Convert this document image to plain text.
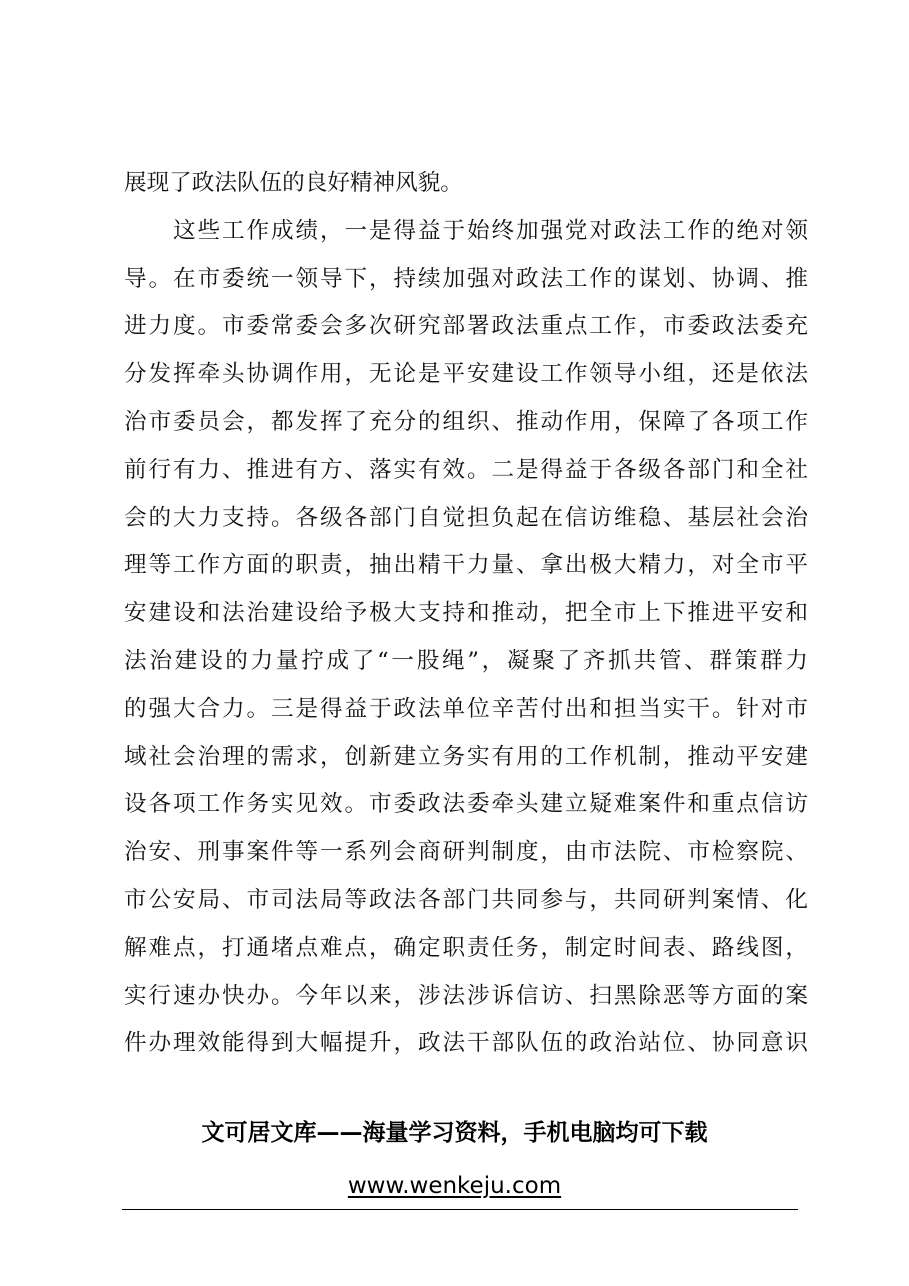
展现了政法队伍的良好精神风貌。
　　这些工作成绩，一是得益于始终加强党对政法工作的绝对领
导。在市委统一领导下，持续加强对政法工作的谋划、协调、推
进力度。市委常委会多次研究部署政法重点工作，市委政法委充
分发挥牵头协调作用，无论是平安建设工作领导小组，还是依法
治市委员会，都发挥了充分的组织、推动作用，保障了各项工作
前行有力、推进有方、落实有效。二是得益于各级各部门和全社
会的大力支持。各级各部门自觉担负起在信访维稳、基层社会治
理等工作方面的职责，抽出精干力量、拿出极大精力，对全市平
安建设和法治建设给予极大支持和推动，把全市上下推进平安和
法治建设的力量拧成了“一股绳”，凝聚了齐抓共管、群策群力
的强大合力。三是得益于政法单位辛苦付出和担当实干。针对市
域社会治理的需求，创新建立务实有用的工作机制，推动平安建
设各项工作务实见效。市委政法委牵头建立疑难案件和重点信访
治安、刑事案件等一系列会商研判制度，由市法院、市检察院、
市公安局、市司法局等政法各部门共同参与，共同研判案情、化
解难点，打通堵点难点，确定职责任务，制定时间表、路线图，
实行速办快办。今年以来，涉法涉诉信访、扫黑除恶等方面的案
件办理效能得到大幅提升，政法干部队伍的政治站位、协同意识
文可居文库——海量学习资料，手机电脑均可下载
www.wenkeju.com
